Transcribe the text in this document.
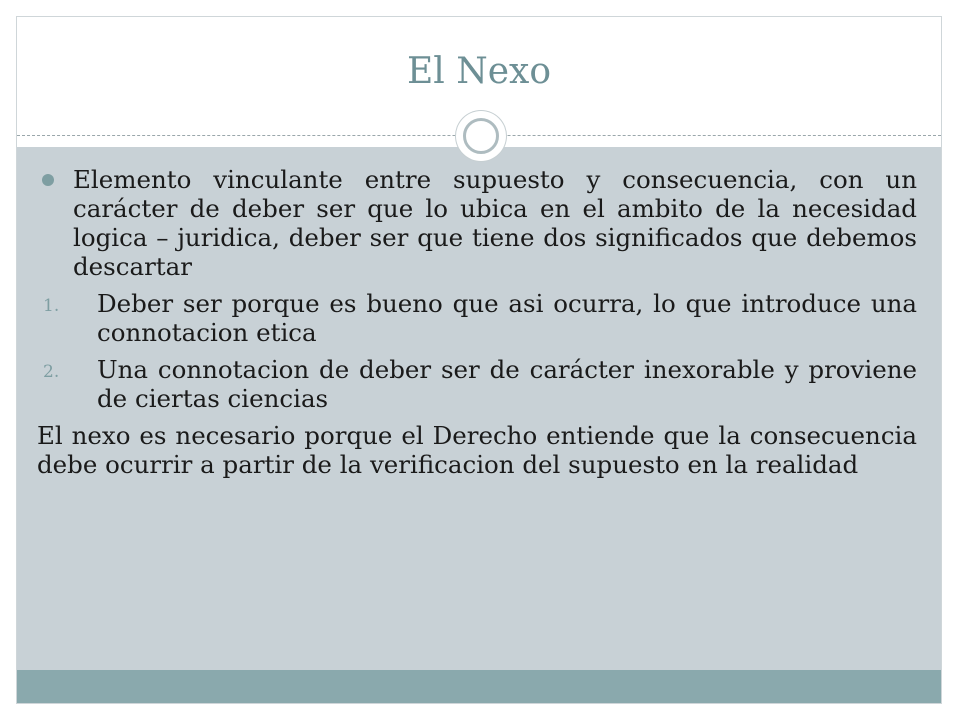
El Nexo
Elemento vinculante entre supuesto y consecuencia, con un carácter de deber ser que lo ubica en el ambito de la necesidad logica – juridica, deber ser que tiene dos significados que debemos descartar
1. Deber ser porque es bueno que asi ocurra, lo que introduce una connotacion etica
2. Una connotacion de deber ser de carácter inexorable y proviene de ciertas ciencias
El nexo es necesario porque el Derecho entiende que la consecuencia debe ocurrir a partir de la verificacion del supuesto en la realidad
